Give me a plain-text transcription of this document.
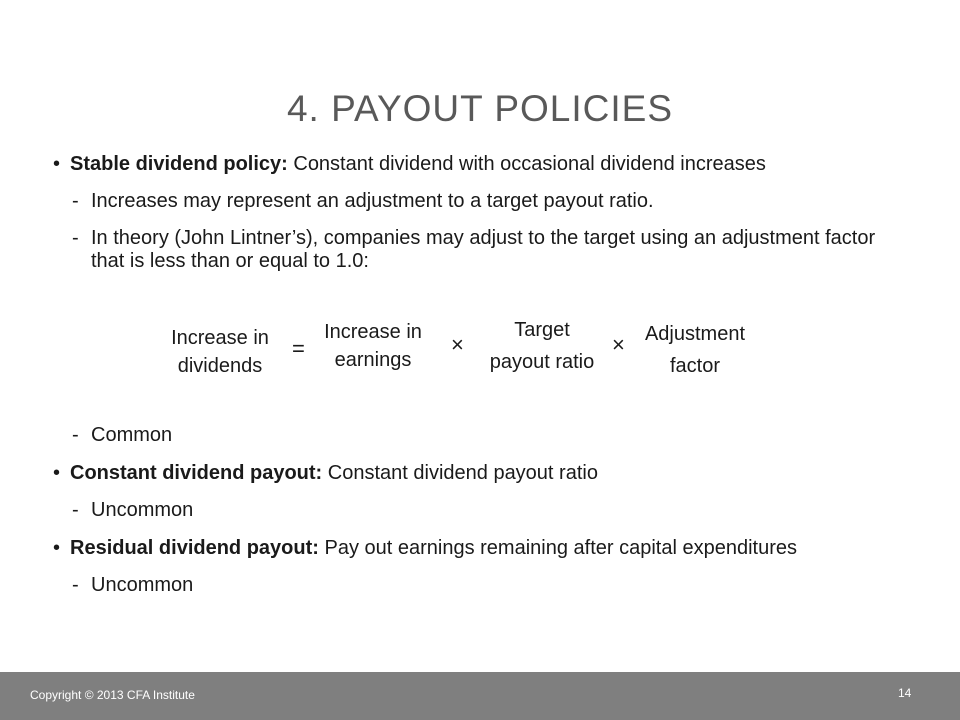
4. PAYOUT POLICIES
• Stable dividend policy: Constant dividend with occasional dividend increases
- Increases may represent an adjustment to a target payout ratio.
- In theory (John Lintner’s), companies may adjust to the target using an adjustment factor that is less than or equal to 1.0:
Increase in
dividends
=
Increase in
earnings
×
Target
payout ratio
×	Adjustment
factor
- Common
• Constant dividend payout: Constant dividend payout ratio
- Uncommon
• Residual dividend payout: Pay out earnings remaining after capital expenditures
- Uncommon
Copyright © 2013 CFA Institute	14
